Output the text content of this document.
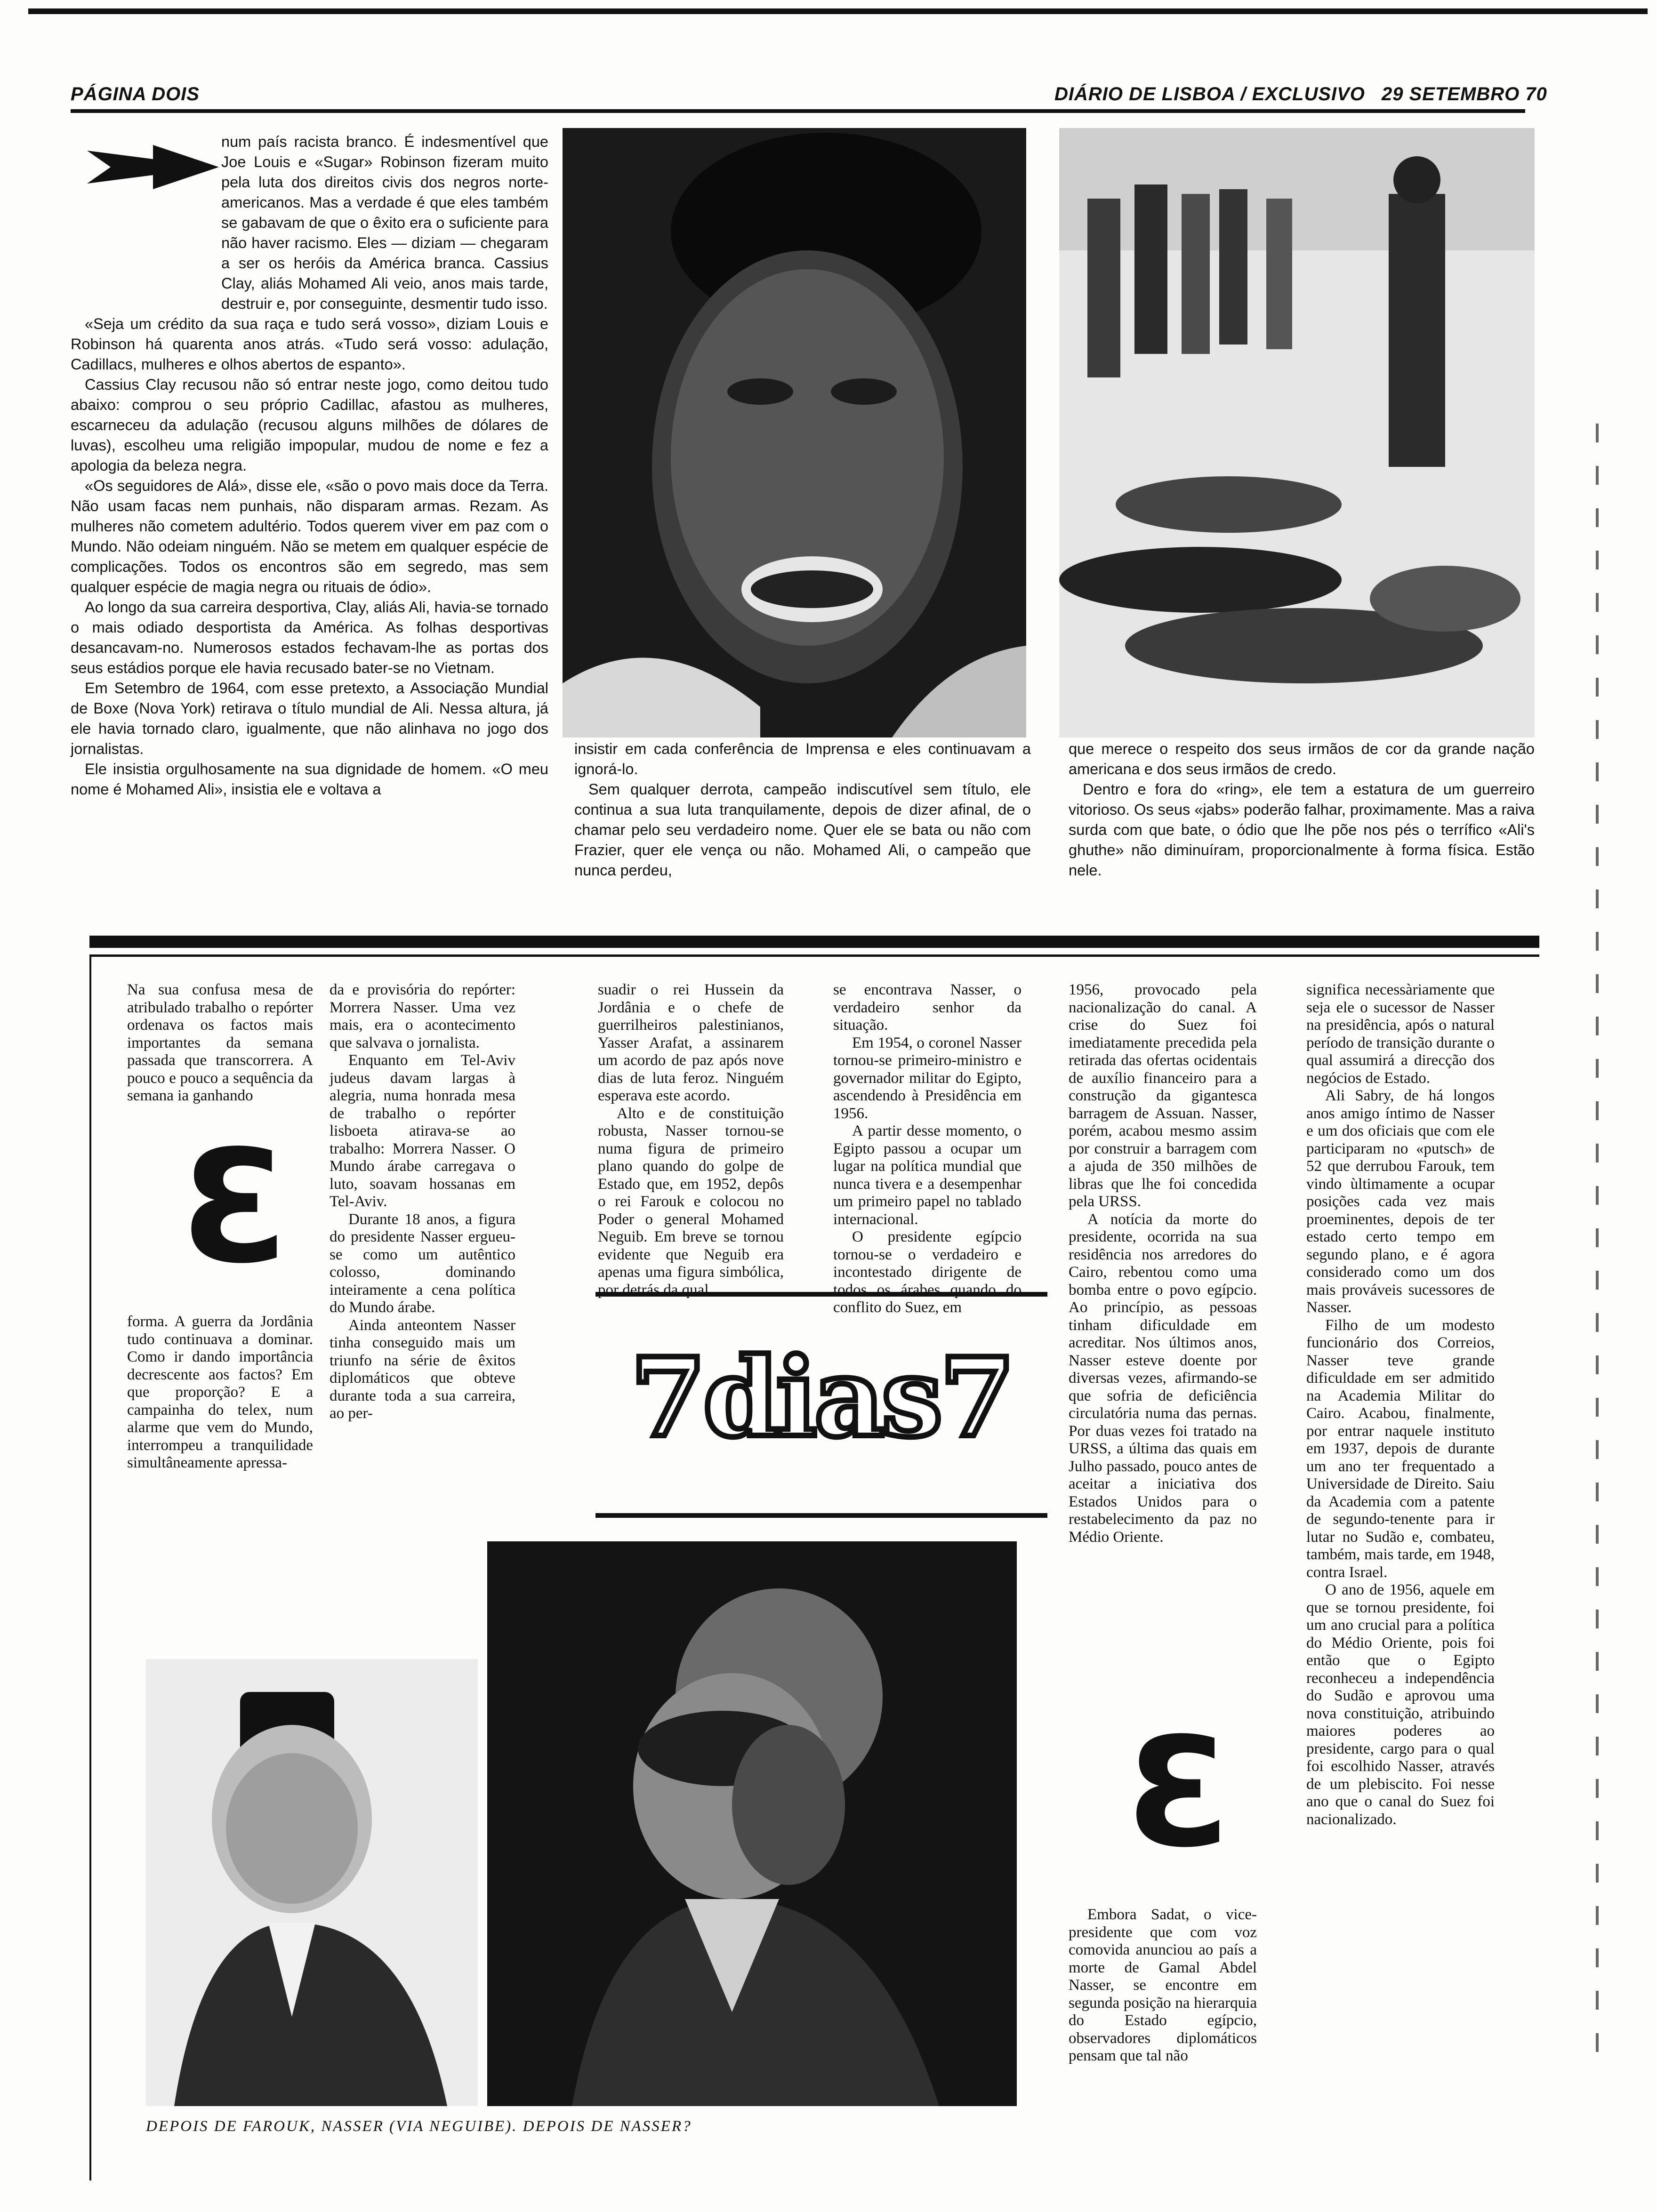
PÁGINA DOIS	DIÁRIO DE LISBOA / EXCLUSIVO 29 SETEMBRO 70

num país racista branco. É indesmentível que Joe Louis e «Sugar» Robinson fizeram muito pela luta dos direitos civis dos negros norte-americanos. Mas a verdade é que eles também se gabavam de que o êxito era o suficiente para não haver racismo. Eles — diziam — chegaram a ser os heróis da América branca. Cassius Clay, aliás Mohamed Ali veio, anos mais tarde, destruir e, por conseguinte, desmentir tudo isso.

«Seja um crédito da sua raça e tudo será vosso», diziam Louis e Robinson há quarenta anos atrás. «Tudo será vosso: adulação, Cadillacs, mulheres e olhos abertos de espanto».

Cassius Clay recusou não só entrar neste jogo, como deitou tudo abaixo: comprou o seu próprio Cadillac, afastou as mulheres, escarneceu da adulação (recusou alguns milhões de dólares de luvas), escolheu uma religião impopular, mudou de nome e fez a apologia da beleza negra.

«Os seguidores de Alá», disse ele, «são o povo mais doce da Terra. Não usam facas nem punhais, não disparam armas. Rezam. As mulheres não cometem adultério. Todos querem viver em paz com o Mundo. Não odeiam ninguém. Não se metem em qualquer espécie de complicações. Todos os encontros são em segredo, mas sem qualquer espécie de magia negra ou rituais de ódio».

Ao longo da sua carreira desportiva, Clay, aliás Ali, havia-se tornado o mais odiado desportista da América. As folhas desportivas desancavam-no. Numerosos estados fechavam-lhe as portas dos seus estádios porque ele havia recusado bater-se no Vietnam.

Em Setembro de 1964, com esse pretexto, a Associação Mundial de Boxe (Nova York) retirava o título mundial de Ali. Nessa altura, já ele havia tornado claro, igualmente, que não alinhava no jogo dos jornalistas.

Ele insistia orgulhosamente na sua dignidade de homem. «O meu nome é Mohamed Ali», insistia ele e voltava a

insistir em cada conferência de Imprensa e eles continuavam a ignorá-lo.

Sem qualquer derrota, campeão indiscutível sem título, ele continua a sua luta tranquilamente, depois de dizer afinal, de o chamar pelo seu verdadeiro nome. Quer ele se bata ou não com Frazier, quer ele vença ou não. Mohamed Ali, o campeão que nunca perdeu,

que merece o respeito dos seus irmãos de cor da grande nação americana e dos seus irmãos de credo.

Dentro e fora do «ring», ele tem a estatura de um guerreiro vitorioso. Os seus «jabs» poderão falhar, proximamente. Mas a raiva surda com que bate, o ódio que lhe põe nos pés o terrífico «Ali's ghuthe» não diminuíram, proporcionalmente à forma física. Estão nele.

Na sua confusa mesa de atribulado trabalho o repórter ordenava os factos mais importantes da semana passada que transcorrera. A pouco e pouco a sequência da semana ia ganhando

3

forma. A guerra da Jordânia tudo continuava a dominar. Como ir dando importância decrescente aos factos? Em que proporção? E a campainha do telex, num alarme que vem do Mundo, interrompeu a tranquilidade simultâneamente apressa-

da e provisória do repórter: Morrera Nasser. Uma vez mais, era o acontecimento que salvava o jornalista.

Enquanto em Tel-Aviv judeus davam largas à alegria, numa honrada mesa de trabalho o repórter lisboeta atirava-se ao trabalho: Morrera Nasser. O Mundo árabe carregava o luto, soavam hossanas em Tel-Aviv.

Durante 18 anos, a figura do presidente Nasser ergueu-se como um autêntico colosso, dominando inteiramente a cena política do Mundo árabe.

Ainda anteontem Nasser tinha conseguido mais um triunfo na série de êxitos diplomáticos que obteve durante toda a sua carreira, ao per-

suadir o rei Hussein da Jordânia e o chefe de guerrilheiros palestinianos, Yasser Arafat, a assinarem um acordo de paz após nove dias de luta feroz. Ninguém esperava este acordo.

Alto e de constituição robusta, Nasser tornou-se numa figura de primeiro plano quando do golpe de Estado que, em 1952, depôs o rei Farouk e colocou no Poder o general Mohamed Neguib. Em breve se tornou evidente que Neguib era apenas uma figura simbólica, por detrás da qual

se encontrava Nasser, o verdadeiro senhor da situação.

Em 1954, o coronel Nasser tornou-se primeiro-ministro e governador militar do Egipto, ascendendo à Presidência em 1956.

A partir desse momento, o Egipto passou a ocupar um lugar na política mundial que nunca tivera e a desempenhar um primeiro papel no tablado internacional.

O presidente egípcio tornou-se o verdadeiro e incontestado dirigente de todos os árabes quando do conflito do Suez, em

7dias7

1956, provocado pela nacionalização do canal. A crise do Suez foi imediatamente precedida pela retirada das ofertas ocidentais de auxílio financeiro para a construção da gigantesca barragem de Assuan. Nasser, porém, acabou mesmo assim por construir a barragem com a ajuda de 350 milhões de libras que lhe foi concedida pela URSS.

A notícia da morte do presidente, ocorrida na sua residência nos arredores do Cairo, rebentou como uma bomba entre o povo egípcio. Ao princípio, as pessoas tinham dificuldade em acreditar. Nos últimos anos, Nasser esteve doente por diversas vezes, afirmando-se que sofria de deficiência circulatória numa das pernas. Por duas vezes foi tratado na URSS, a última das quais em Julho passado, pouco antes de aceitar a iniciativa dos Estados Unidos para o restabelecimento da paz no Médio Oriente.

3

Embora Sadat, o vice-presidente que com voz comovida anunciou ao país a morte de Gamal Abdel Nasser, se encontre em segunda posição na hierarquia do Estado egípcio, observadores diplomáticos pensam que tal não

significa necessàriamente que seja ele o sucessor de Nasser na presidência, após o natural período de transição durante o qual assumirá a direcção dos negócios de Estado.

Ali Sabry, de há longos anos amigo íntimo de Nasser e um dos oficiais que com ele participaram no «putsch» de 52 que derrubou Farouk, tem vindo ùltimamente a ocupar posições cada vez mais proeminentes, depois de ter estado certo tempo em segundo plano, e é agora considerado como um dos mais prováveis sucessores de Nasser.

Filho de um modesto funcionário dos Correios, Nasser teve grande dificuldade em ser admitido na Academia Militar do Cairo. Acabou, finalmente, por entrar naquele instituto em 1937, depois de durante um ano ter frequentado a Universidade de Direito. Saiu da Academia com a patente de segundo-tenente para ir lutar no Sudão e, combateu, também, mais tarde, em 1948, contra Israel.

O ano de 1956, aquele em que se tornou presidente, foi um ano crucial para a política do Médio Oriente, pois foi então que o Egipto reconheceu a independência do Sudão e aprovou uma nova constituição, atribuindo maiores poderes ao presidente, cargo para o qual foi escolhido Nasser, através de um plebiscito. Foi nesse ano que o canal do Suez foi nacionalizado.

DEPOIS DE FAROUK, NASSER (VIA NEGUIBE). DEPOIS DE NASSER?
